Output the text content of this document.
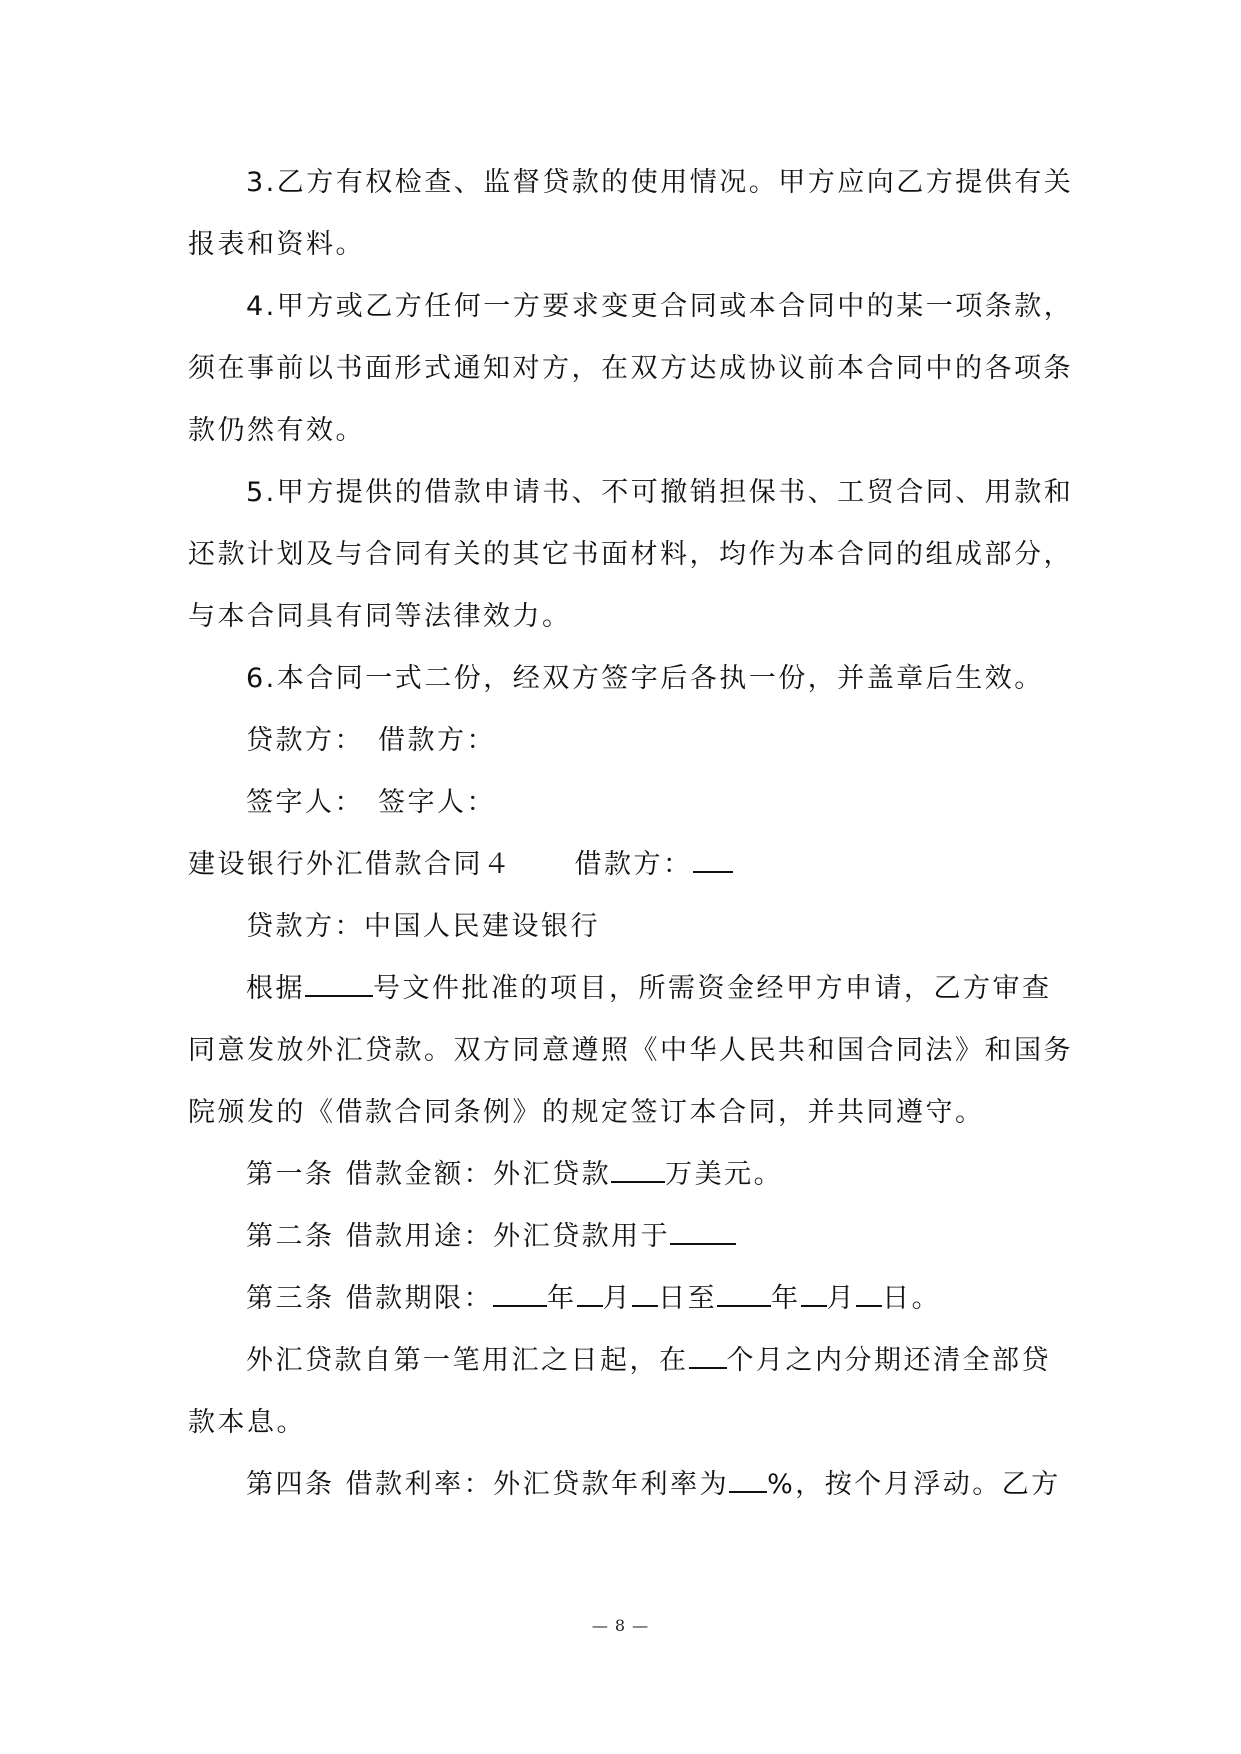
3.乙方有权检查、监督贷款的使用情况。甲方应向乙方提供有关
报表和资料。
4.甲方或乙方任何一方要求变更合同或本合同中的某一项条款，
须在事前以书面形式通知对方，在双方达成协议前本合同中的各项条
款仍然有效。
5.甲方提供的借款申请书、不可撤销担保书、工贸合同、用款和
还款计划及与合同有关的其它书面材料，均作为本合同的组成部分，
与本合同具有同等法律效力。
6.本合同一式二份，经双方签字后各执一份，并盖章后生效。
贷款方： 借款方：
签字人： 签字人：
建设银行外汇借款合同４ 借款方：
贷款方：中国人民建设银行
根据	号文件批准的项目，所需资金经甲方申请，乙方审查
同意发放外汇贷款。双方同意遵照《中华人民共和国合同法》和国务
院颁发的《借款合同条例》的规定签订本合同，并共同遵守。
第一条 借款金额：外汇贷款 万美元。
第二条 借款用途：外汇贷款用于
第三条 借款期限： 年 月 日至 年 月 日。
外汇贷款自第一笔用汇之日起，在 个月之内分期还清全部贷
款本息。
第四条 借款利率：外汇贷款年利率为 %，按个月浮动。乙方
— 8 —
